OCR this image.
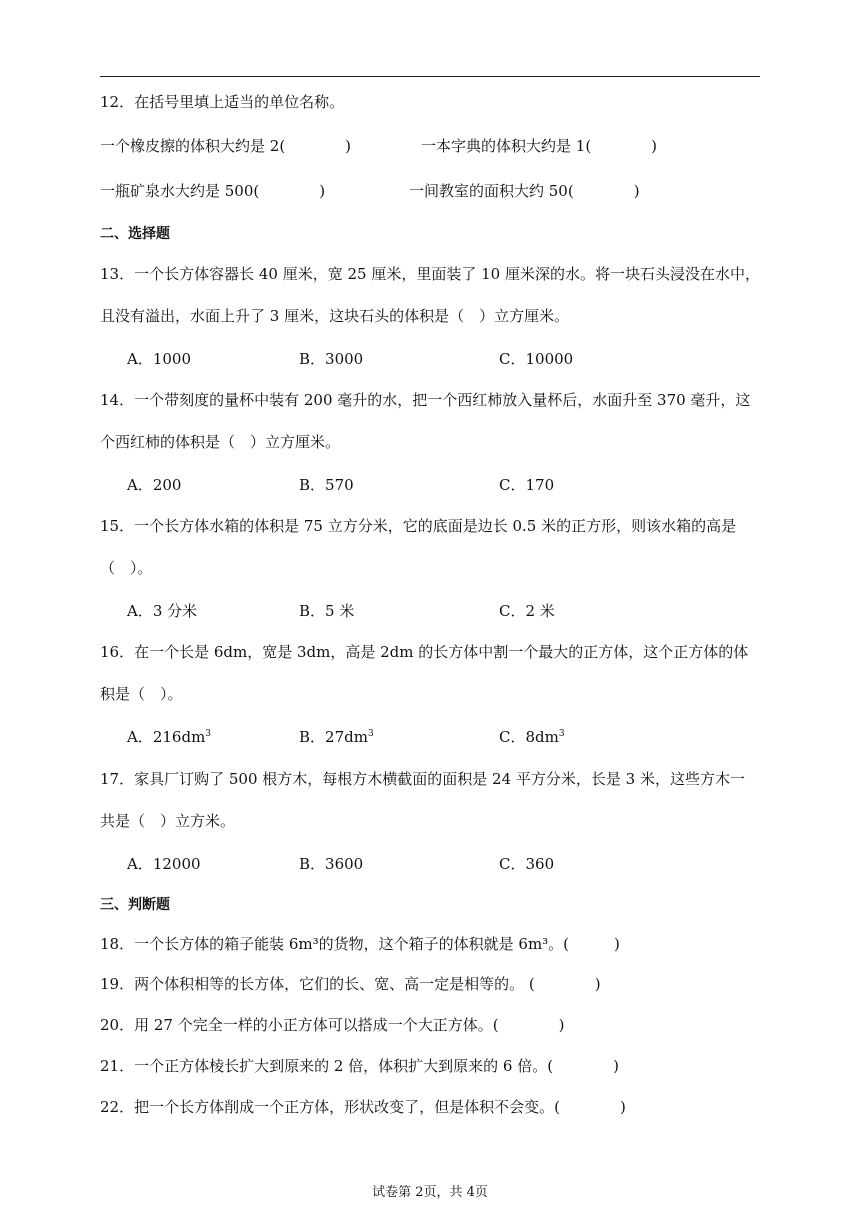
12．在括号里填上适当的单位名称。
一个橡皮擦的体积大约是 2(　　　　)	一本字典的体积大约是 1(　　　　)
一瓶矿泉水大约是 500(　　　　)	一间教室的面积大约 50(　　　　)
二、选择题
13．一个长方体容器长 40 厘米，宽 25 厘米，里面装了 10 厘米深的水。将一块石头浸没在水中，
且没有溢出，水面上升了 3 厘米，这块石头的体积是（　）立方厘米。
A．1000	B．3000	C．10000
14．一个带刻度的量杯中装有 200 毫升的水，把一个西红柿放入量杯后，水面升至 370 毫升，这
个西红柿的体积是（　）立方厘米。
A．200	B．570	C．170
15．一个长方体水箱的体积是 75 立方分米，它的底面是边长 0.5 米的正方形，则该水箱的高是
（　）。
A．3 分米	B．5 米	C．2 米
16．在一个长是 6dm，宽是 3dm，高是 2dm 的长方体中割一个最大的正方体，这个正方体的体
积是（　）。
A．$216dm^3$	B．$27dm^3$	C．$8dm^3$
17．家具厂订购了 500 根方木，每根方木横截面的面积是 24 平方分米，长是 3 米，这些方木一
共是（　）立方米。
A．12000	B．3600	C．360
三、判断题
18．一个长方体的箱子能装 6m³的货物，这个箱子的体积就是 6m³。(　　　)
19．两个体积相等的长方体，它们的长、宽、高一定是相等的。 (　　　　)
20．用 27 个完全一样的小正方体可以搭成一个大正方体。(　　　　)
21．一个正方体棱长扩大到原来的 2 倍，体积扩大到原来的 6 倍。(　　　　)
22．把一个长方体削成一个正方体，形状改变了，但是体积不会变。(　　　　)
试卷第 2页，共 4页
